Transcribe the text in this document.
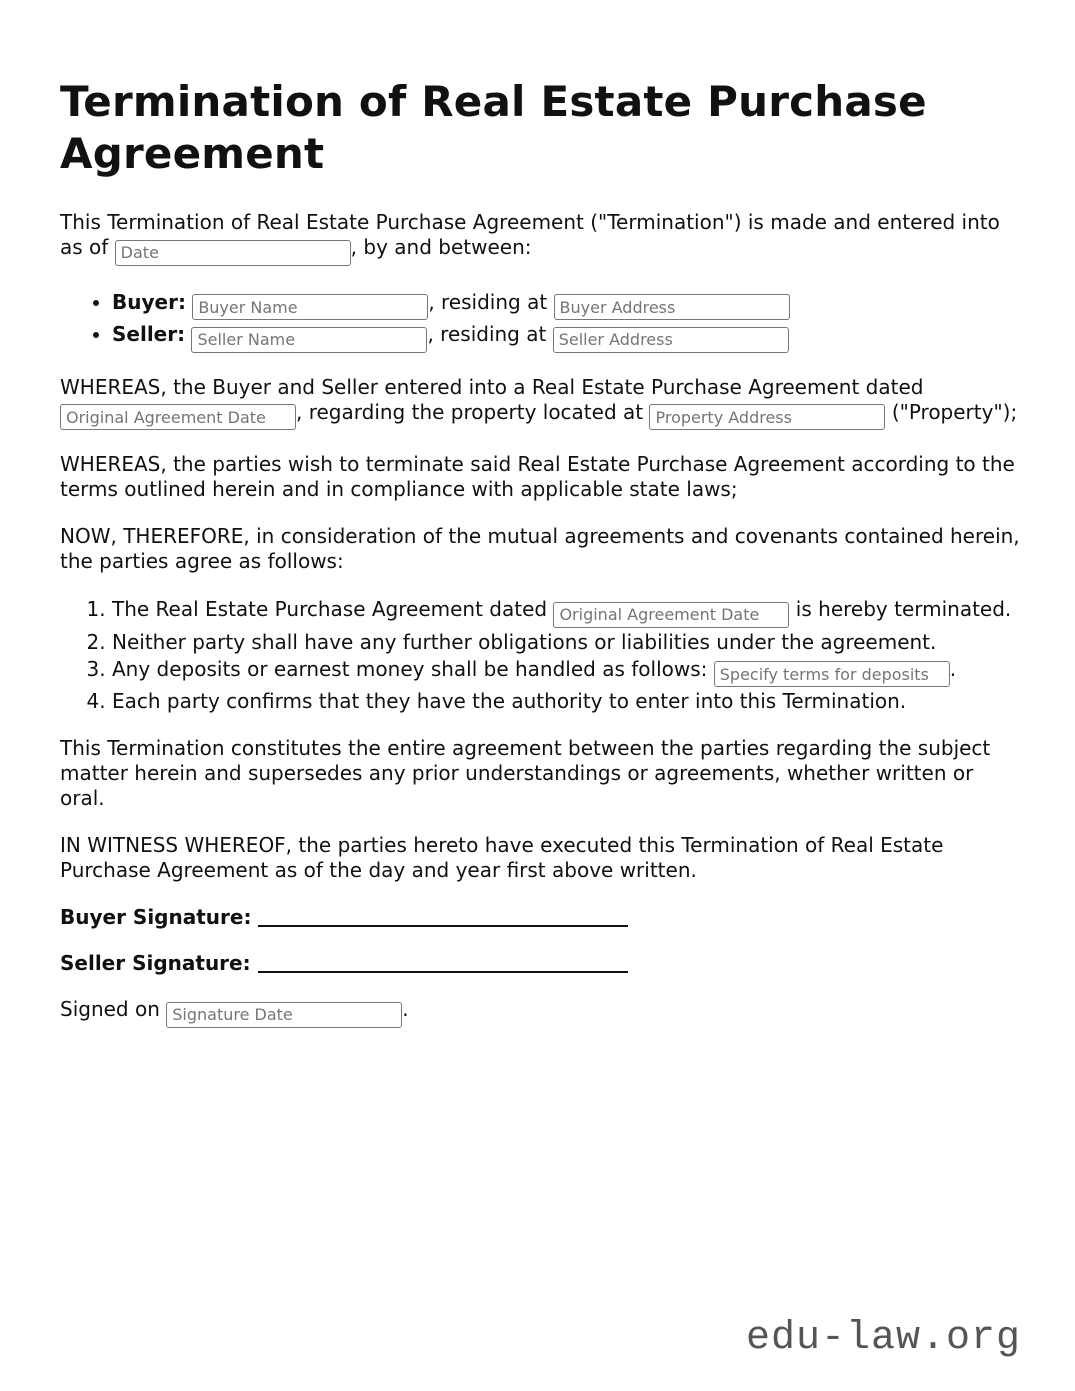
Termination of Real Estate Purchase Agreement

This Termination of Real Estate Purchase Agreement ("Termination") is made and entered into as of Date	, by and between:

• Buyer: Buyer Name	, residing at Buyer Address
• Seller: Seller Name	, residing at Seller Address

WHEREAS, the Buyer and Seller entered into a Real Estate Purchase Agreement dated Original Agreement Date, regarding the property located at Property Address	("Property");

WHEREAS, the parties wish to terminate said Real Estate Purchase Agreement according to the terms outlined herein and in compliance with applicable state laws;

NOW, THEREFORE, in consideration of the mutual agreements and covenants contained herein, the parties agree as follows:

1. The Real Estate Purchase Agreement dated Original Agreement Date	is hereby terminated.
2. Neither party shall have any further obligations or liabilities under the agreement.
3. Any deposits or earnest money shall be handled as follows: Specify terms for deposits	.
4. Each party confirms that they have the authority to enter into this Termination.

This Termination constitutes the entire agreement between the parties regarding the subject matter herein and supersedes any prior understandings or agreements, whether written or oral.

IN WITNESS WHEREOF, the parties hereto have executed this Termination of Real Estate Purchase Agreement as of the day and year first above written.

Buyer Signature:
Seller Signature:
Signed on Signature Date	.
edu-law.org
